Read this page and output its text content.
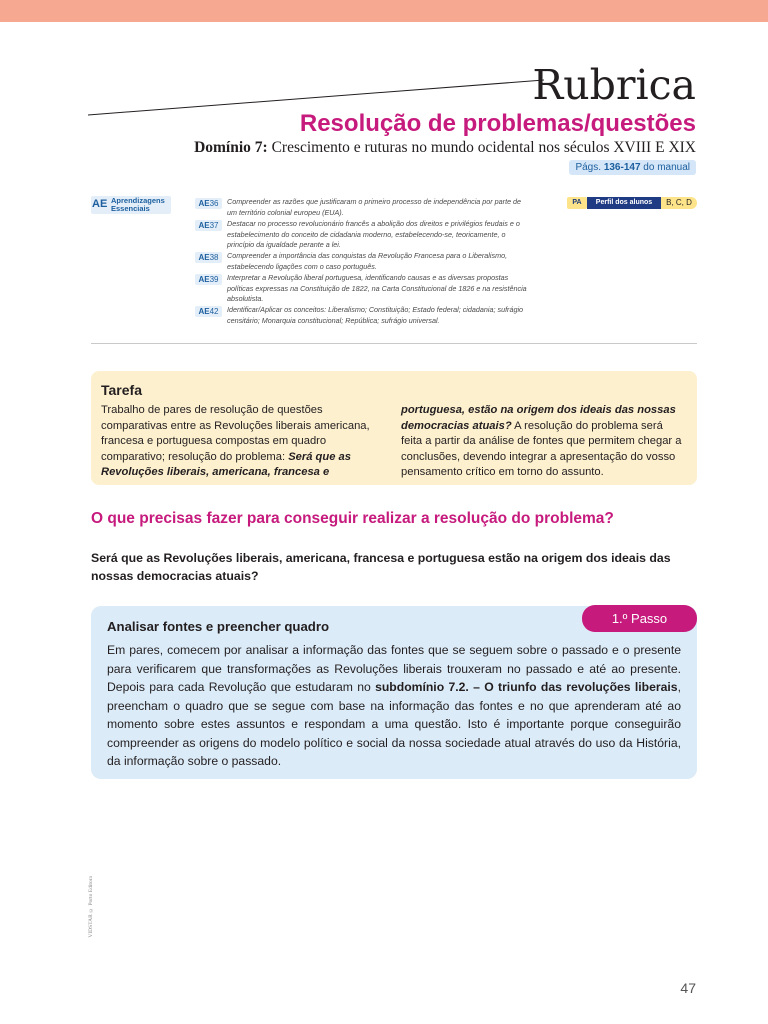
Rubrica
Resolução de problemas/questões
Domínio 7: Crescimento e ruturas no mundo ocidental nos séculos XVIII E XIX
Págs. 136-147 do manual
AE Aprendizagens Essenciais
AE36	Compreender as razões que justificaram o primeiro processo de independência por parte de um território colonial europeu (EUA).
AE37	Destacar no processo revolucionário francês a abolição dos direitos e privilégios feudais e o estabelecimento do conceito de cidadania moderno, estabelecendo-se, teoricamente, o princípio da igualdade perante a lei.
AE38	Compreender a importância das conquistas da Revolução Francesa para o Liberalismo, estabelecendo ligações com o caso português.
AE39	Interpretar a Revolução liberal portuguesa, identificando causas e as diversas propostas políticas expressas na Constituição de 1822, na Carta Constitucional de 1826 e na resistência absolutista.
AE42	Identificar/Aplicar os conceitos: Liberalismo; Constituição; Estado federal; cidadania; sufrágio censitário; Monarquia constitucional; República; sufrágio universal.
PA	Perfil dos alunos	B, C, D
Tarefa
Trabalho de pares de resolução de questões comparativas entre as Revoluções liberais americana, francesa e portuguesa compostas em quadro comparativo; resolução do problema: Será que as Revoluções liberais, americana, francesa e
portuguesa, estão na origem dos ideais das nossas democracias atuais? A resolução do problema será feita a partir da análise de fontes que permitem chegar a conclusões, devendo integrar a apresentação do vosso pensamento crítico em torno do assunto.
O que precisas fazer para conseguir realizar a resolução do problema?

Será que as Revoluções liberais, americana, francesa e portuguesa estão na origem dos ideais das nossas democracias atuais?

1.º Passo
Analisar fontes e preencher quadro

Em pares, comecem por analisar a informação das fontes que se seguem sobre o passado e o presente para verificarem que transformações as Revoluções liberais trouxeram no passado e até ao presente. Depois para cada Revolução que estudaram no subdomínio 7.2. – O triunfo das revoluções liberais, preencham o quadro que se segue com base na informação das fontes e no que aprenderam até ao momento sobre estes assuntos e respondam a uma questão. Isto é importante porque conseguirão compreender as origens do modelo político e social da nossa sociedade atual através do uso da História, da informação sobre o passado.

VIDSTAR © Porto Editora
47
